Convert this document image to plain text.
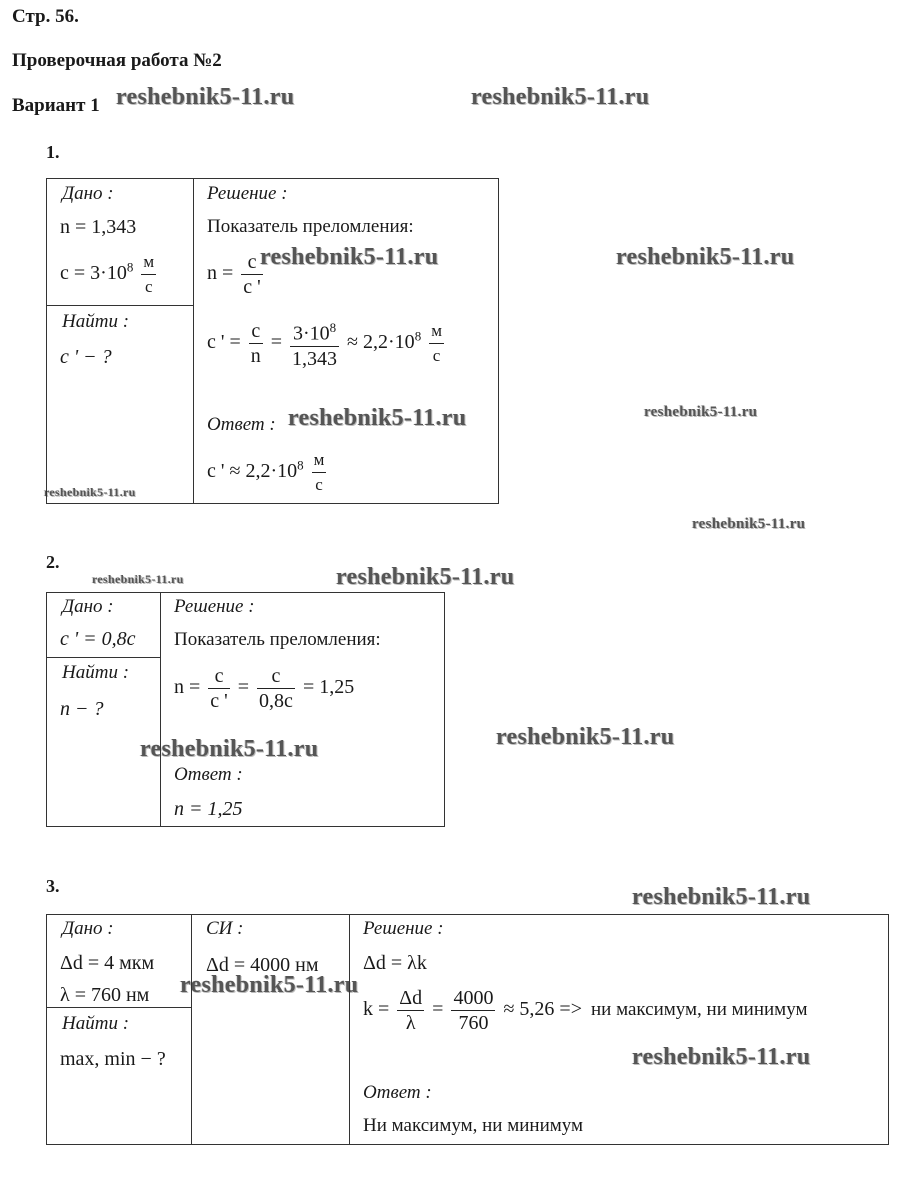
Стр. 56.
Проверочная работа №2
Вариант 1 reshebnik5-11.ru	reshebnik5-11.ru
reshebnik5-11.ru	reshebnik5-11.ru
reshebnik5-11.ru	reshebnik5-11.ru
reshebnik5-11.ru
reshebnik5-11.ru
reshebnik5-11.ru	reshebnik5-11.ru
reshebnik5-11.ru	reshebnik5-11.ru
reshebnik5-11.ru
reshebnik5-11.ru
reshebnik5-11.ru
1.
Дано :
n = 1,343
$c = 3\cdot 10^8 \frac{м}{с}$
Найти :
c ' − ?
Решение :
Показатель преломления:
$n = \frac{c}{c '}$
c ' = $\frac{c}{n} = \frac{3\cdot 10^8}{1,343} \approx 2,2\cdot 10^8 \frac{м}{с}$
Ответ :
c ' ≈ $2,2\cdot 10^8 \frac{м}{с}$
2.
Дано :
c ' = 0,8c
Найти :
n − ?
Решение :
Показатель преломления:
$n = \frac{c}{c '} = \frac{c}{0,8c} = 1,25$
Ответ :
n = 1,25
3.
Дано :
Δd = 4 мкм
λ = 760 нм
Найти :
max, min − ?
СИ :
Δd = 4000 нм
Решение :
Δd = λk
$k = \frac{\Delta d}{\lambda} = \frac{4000}{760} \approx 5,26$ => ни максимум, ни минимум
Ответ :
Ни максимум, ни минимум
